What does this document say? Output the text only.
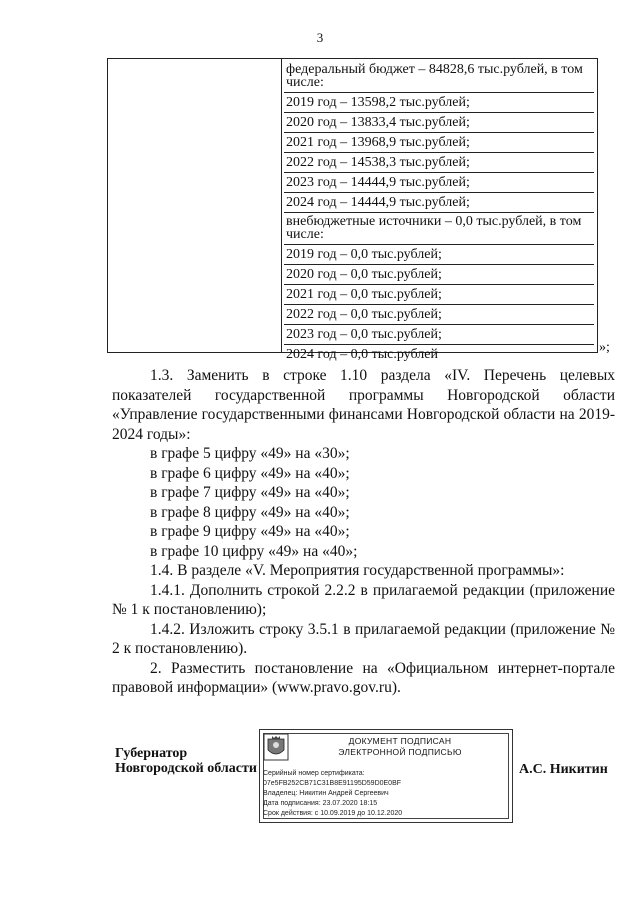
3
федеральный бюджет – 84828,6 тыс.рублей, в том числе:
2019 год – 13598,2 тыс.рублей;
2020 год – 13833,4 тыс.рублей;
2021 год – 13968,9 тыс.рублей;
2022 год – 14538,3 тыс.рублей;
2023 год – 14444,9 тыс.рублей;
2024 год – 14444,9 тыс.рублей;
внебюджетные источники – 0,0 тыс.рублей, в том числе:
2019 год – 0,0 тыс.рублей;
2020 год – 0,0 тыс.рублей;
2021 год – 0,0 тыс.рублей;
2022 год – 0,0 тыс.рублей;
2023 год – 0,0 тыс.рублей;
2024 год – 0,0 тыс.рублей	»;

1.3. Заменить в строке 1.10 раздела «IV. Перечень целевых показателей государственной программы Новгородской области «Управление государственными финансами Новгородской области на 2019-2024 годы»:

в графе 5 цифру «49» на «30»;
в графе 6 цифру «49» на «40»;
в графе 7 цифру «49» на «40»;
в графе 8 цифру «49» на «40»;
в графе 9 цифру «49» на «40»;
в графе 10 цифру «49» на «40»;

1.4. В разделе «V. Мероприятия государственной программы»:

1.4.1. Дополнить строкой 2.2.2 в прилагаемой редакции (приложение № 1 к постановлению);

1.4.2. Изложить строку 3.5.1 в прилагаемой редакции (приложение № 2 к постановлению).

2. Разместить постановление на «Официальном интернет-портале правовой информации» (www.pravo.gov.ru).

Губернатор
Новгородской области
ДОКУМЕНТ ПОДПИСАН
ЭЛЕКТРОННОЙ ПОДПИСЬЮ
Серийный номер сертификата:
07e5FB252CB71C31B8E91195D59D0E0BF
Владелец: Никитин Андрей Сергеевич
Дата подписания: 23.07.2020 18:15
Срок действия: с 10.09.2019 до 10.12.2020
А.С. Никитин
